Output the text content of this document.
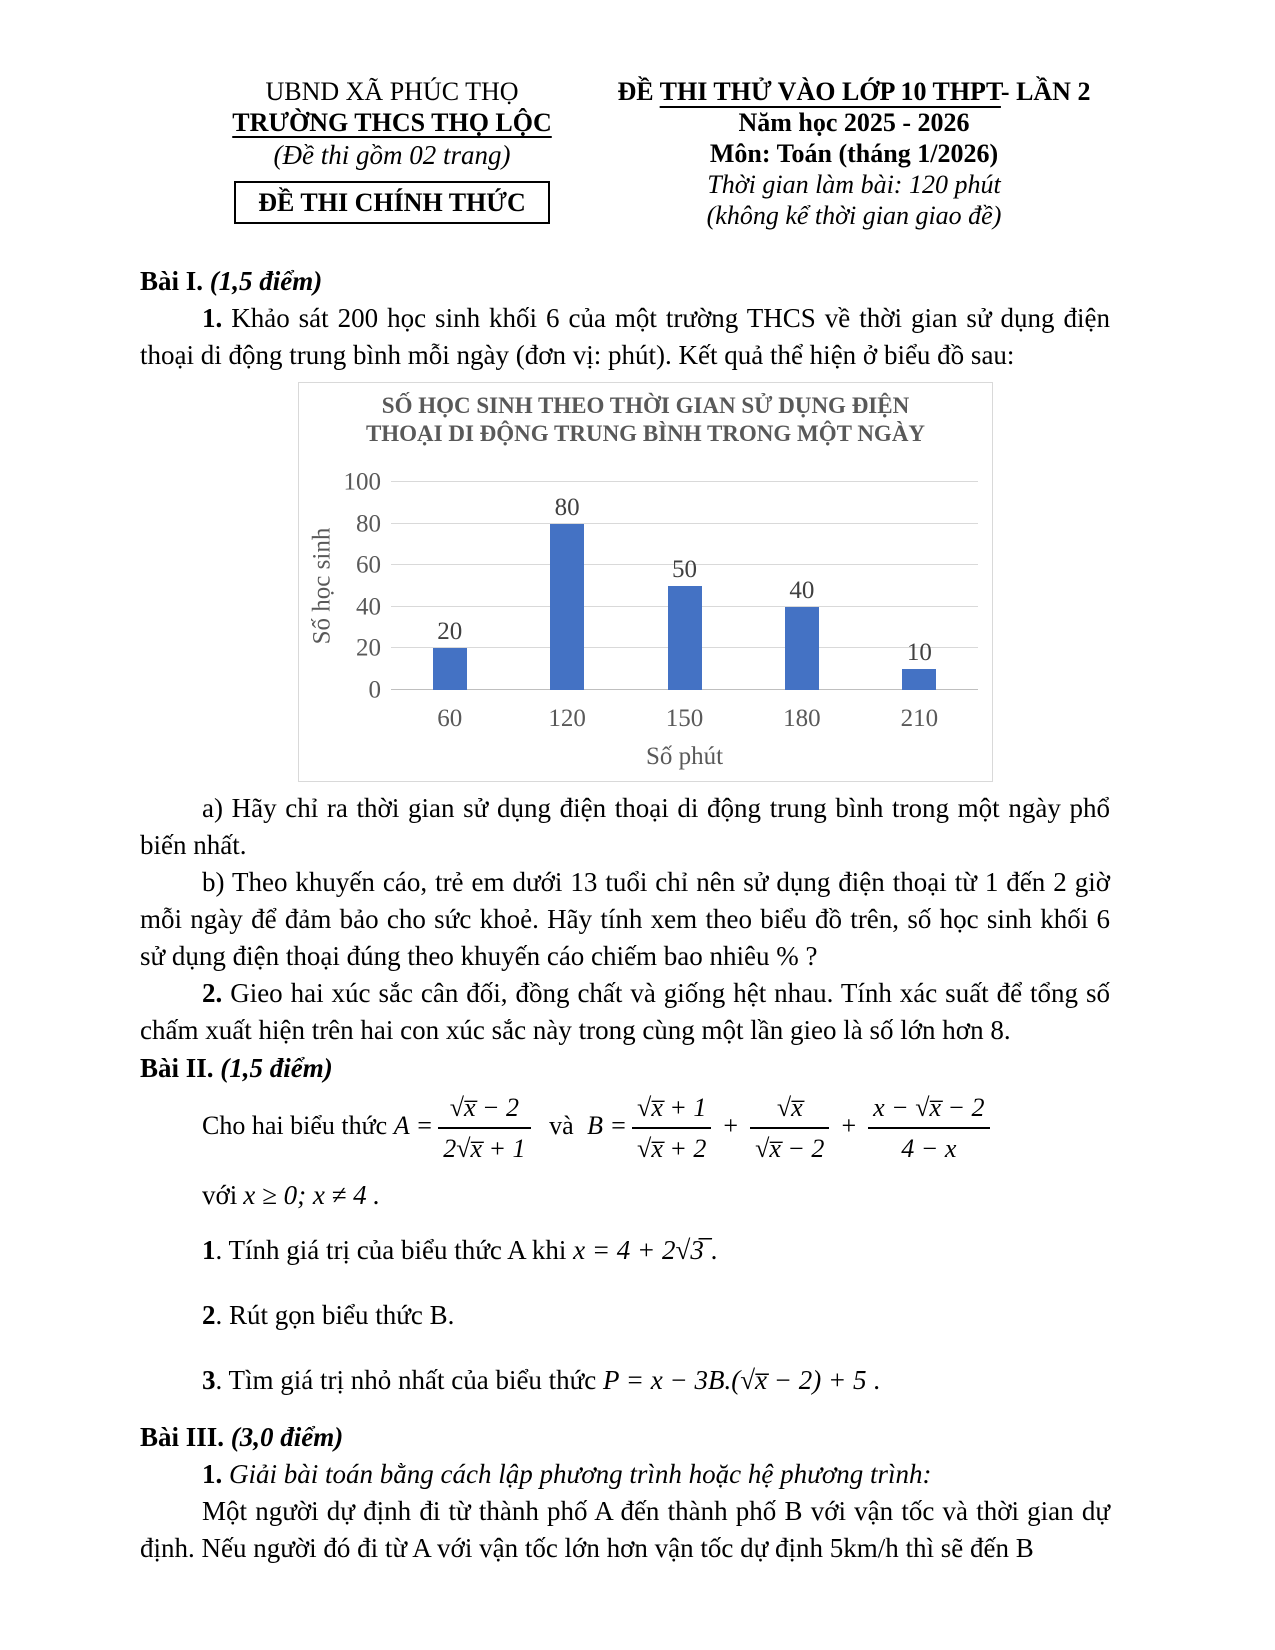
UBND XÃ PHÚC THỌ
TRƯỜNG THCS THỌ LỘC
(Đề thi gồm 02 trang)
ĐỀ THI CHÍNH THỨC
ĐỀ THI THỬ VÀO LỚP 10 THPT- LẦN 2
Năm học 2025 - 2026
Môn: Toán (tháng 1/2026)
Thời gian làm bài: 120 phút
(không kể thời gian giao đề)

Bài I. (1,5 điểm)

1. Khảo sát 200 học sinh khối 6 của một trường THCS về thời gian sử dụng điện thoại di động trung bình mỗi ngày (đơn vị: phút). Kết quả thể hiện ở biểu đồ sau:

SỐ HỌC SINH THEO THỜI GIAN SỬ DỤNG ĐIỆN
THOẠI DI ĐỘNG TRUNG BÌNH TRONG MỘT NGÀY
Số học sinh
0
20
40
60
80
100
20
80
50
40
10
60	120	150	180	210
Số phút

a) Hãy chỉ ra thời gian sử dụng điện thoại di động trung bình trong một ngày phổ biến nhất.

b) Theo khuyến cáo, trẻ em dưới 13 tuổi chỉ nên sử dụng điện thoại từ 1 đến 2 giờ mỗi ngày để đảm bảo cho sức khoẻ. Hãy tính xem theo biểu đồ trên, số học sinh khối 6 sử dụng điện thoại đúng theo khuyến cáo chiếm bao nhiêu % ?

2. Gieo hai xúc sắc cân đối, đồng chất và giống hệt nhau. Tính xác suất để tổng số chấm xuất hiện trên hai con xúc sắc này trong cùng một lần gieo là số lớn hơn 8.

Bài II. (1,5 điểm)

Cho hai biểu thức $A = \frac{√x̅ - 2}{2√x̅ + 1}$ và $B = \frac{√x̅ + 1}{√x̅ + 2} + \frac{√x̅}{√x̅ - 2} + \frac{x - √x̅ - 2}{4 - x}$

với x ≥ 0; x ≠ 4 .

1. Tính giá trị của biểu thức A khi x = 4 + 2√3̅ .

2. Rút gọn biểu thức B.

3. Tìm giá trị nhỏ nhất của biểu thức P = x − 3B.(√x̅ − 2) + 5 .

Bài III. (3,0 điểm)

1. Giải bài toán bằng cách lập phương trình hoặc hệ phương trình:

Một người dự định đi từ thành phố A đến thành phố B với vận tốc và thời gian dự định. Nếu người đó đi từ A với vận tốc lớn hơn vận tốc dự định 5km/h thì sẽ đến B
